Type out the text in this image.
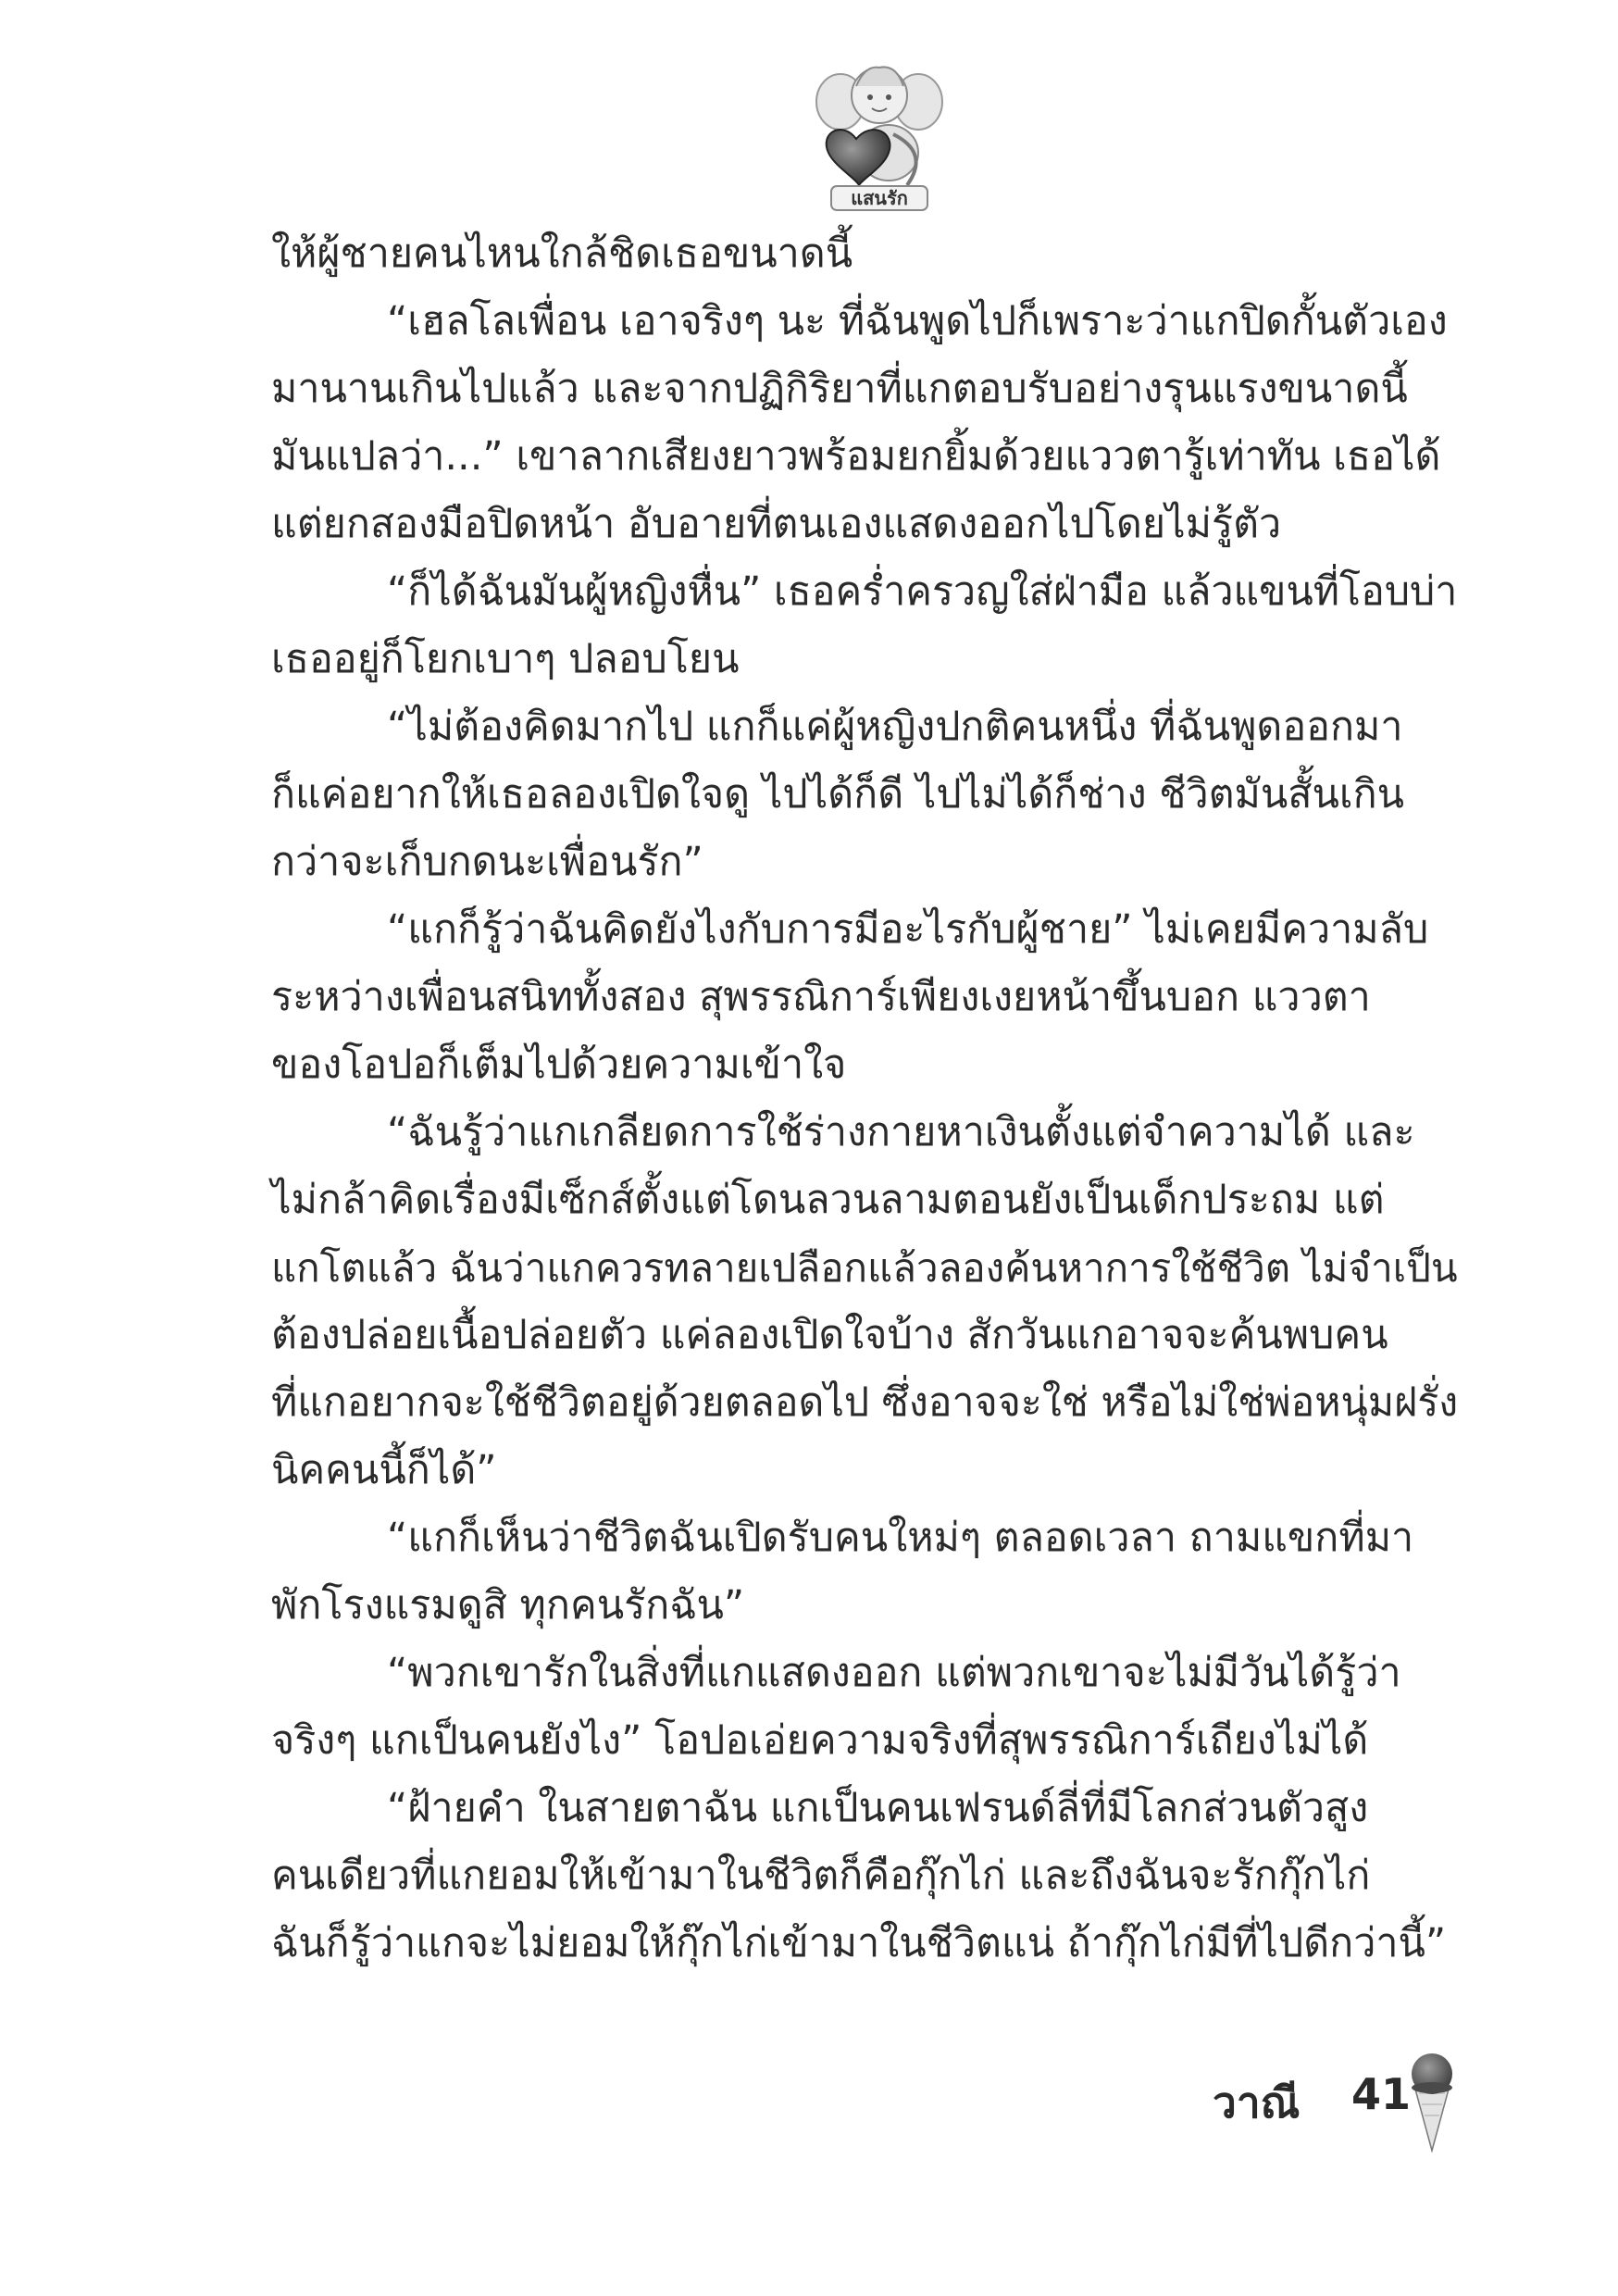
แสนรัก
ให้ผู้ชายคนไหนใกล้ชิดเธอขนาดนี้
“เฮลโลเพื่อน เอาจริงๆ นะ ที่ฉันพูดไปก็เพราะว่าแกปิดกั้นตัวเอง
มานานเกินไปแล้ว และจากปฏิกิริยาที่แกตอบรับอย่างรุนแรงขนาดนี้
มันแปลว่า...” เขาลากเสียงยาวพร้อมยกยิ้มด้วยแววตารู้เท่าทัน เธอได้
แต่ยกสองมือปิดหน้า อับอายที่ตนเองแสดงออกไปโดยไม่รู้ตัว
“ก็ได้ฉันมันผู้หญิงหื่น” เธอคร่ำครวญใส่ฝ่ามือ แล้วแขนที่โอบบ่า
เธออยู่ก็โยกเบาๆ ปลอบโยน
“ไม่ต้องคิดมากไป แกก็แค่ผู้หญิงปกติคนหนึ่ง ที่ฉันพูดออกมา
ก็แค่อยากให้เธอลองเปิดใจดู ไปได้ก็ดี ไปไม่ได้ก็ช่าง ชีวิตมันสั้นเกิน
กว่าจะเก็บกดนะเพื่อนรัก”
“แกก็รู้ว่าฉันคิดยังไงกับการมีอะไรกับผู้ชาย” ไม่เคยมีความลับ
ระหว่างเพื่อนสนิททั้งสอง สุพรรณิการ์เพียงเงยหน้าขึ้นบอก แววตา
ของโอปอก็เต็มไปด้วยความเข้าใจ
“ฉันรู้ว่าแกเกลียดการใช้ร่างกายหาเงินตั้งแต่จำความได้ และ
ไม่กล้าคิดเรื่องมีเซ็กส์ตั้งแต่โดนลวนลามตอนยังเป็นเด็กประถม แต่
แกโตแล้ว ฉันว่าแกควรทลายเปลือกแล้วลองค้นหาการใช้ชีวิต ไม่จำเป็น
ต้องปล่อยเนื้อปล่อยตัว แค่ลองเปิดใจบ้าง สักวันแกอาจจะค้นพบคน
ที่แกอยากจะใช้ชีวิตอยู่ด้วยตลอดไป ซึ่งอาจจะใช่ หรือไม่ใช่พ่อหนุ่มฝรั่ง
นิคคนนี้ก็ได้”
“แกก็เห็นว่าชีวิตฉันเปิดรับคนใหม่ๆ ตลอดเวลา ถามแขกที่มา
พักโรงแรมดูสิ ทุกคนรักฉัน”
“พวกเขารักในสิ่งที่แกแสดงออก แต่พวกเขาจะไม่มีวันได้รู้ว่า
จริงๆ แกเป็นคนยังไง” โอปอเอ่ยความจริงที่สุพรรณิการ์เถียงไม่ได้
“ฝ้ายคำ ในสายตาฉัน แกเป็นคนเฟรนด์ลี่ที่มีโลกส่วนตัวสูง
คนเดียวที่แกยอมให้เข้ามาในชีวิตก็คือกุ๊กไก่ และถึงฉันจะรักกุ๊กไก่
ฉันก็รู้ว่าแกจะไม่ยอมให้กุ๊กไก่เข้ามาในชีวิตแน่ ถ้ากุ๊กไก่มีที่ไปดีกว่านี้”
วาณี 41
